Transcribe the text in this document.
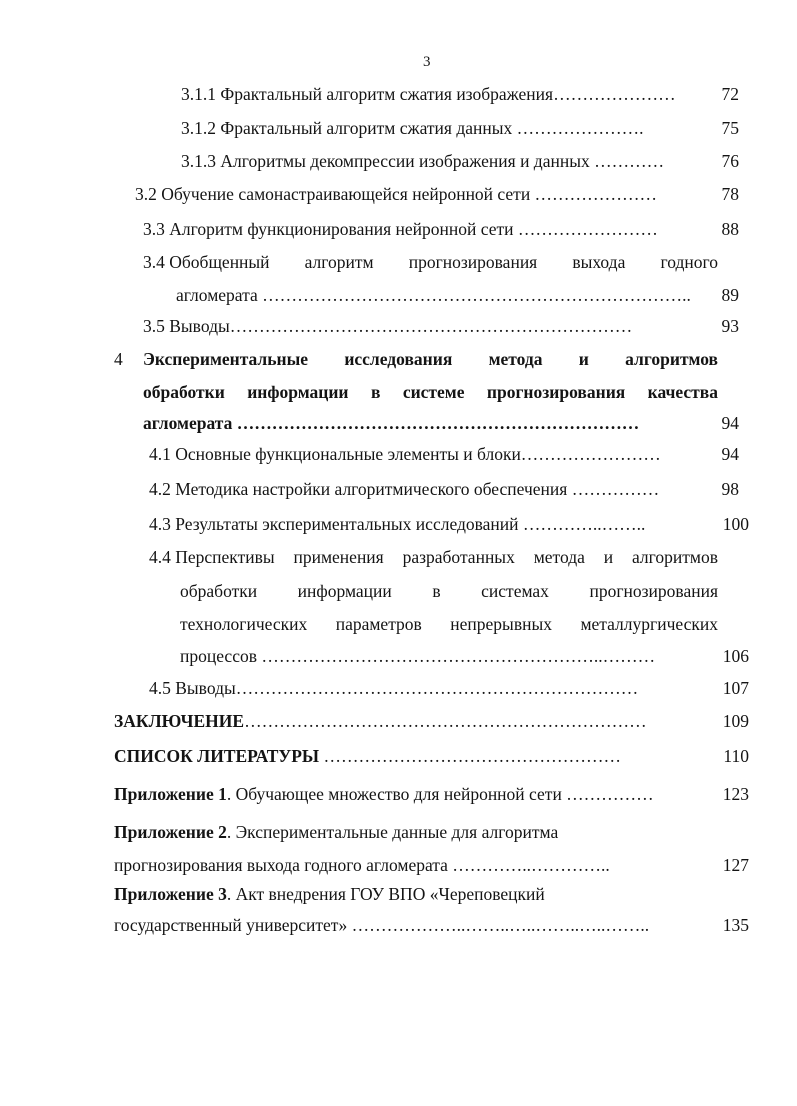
3
3.1.1 Фрактальный алгоритм сжатия изображения…………………	72
3.1.2 Фрактальный алгоритм сжатия данных ………………….	75
3.1.3 Алгоритмы декомпрессии изображения и данных …………	76
3.2 Обучение самонастраивающейся нейронной сети …………………	78
3.3 Алгоритм функционирования нейронной сети ……………………	88
3.4 Обобщенный алгоритм прогнозирования выхода годного
агломерата ……………………………………………………………….. 89
3.5 Выводы……………………………………………………………	93
4 Экспериментальные исследования метода и алгоритмов
обработки информации в системе прогнозирования качества
агломерата ……………………………………………………………	94
4.1 Основные функциональные элементы и блоки……………………	94
4.2 Методика настройки алгоритмического обеспечения ……………	98
4.3 Результаты экспериментальных исследований …………..……..	100
4.4 Перспективы применения разработанных метода и алгоритмов
обработки информации в системах прогнозирования
технологических параметров непрерывных металлургических
процессов …………………………………………………..………	106
4.5 Выводы……………………………………………………………	107
ЗАКЛЮЧЕНИЕ……………………………………………………………	109
СПИСОК ЛИТЕРАТУРЫ ……………………………………………	110
Приложение 1. Обучающее множество для нейронной сети ……………	123
Приложение 2. Экспериментальные данные для алгоритма
прогнозирования выхода годного агломерата …………..…………..	127
Приложение 3. Акт внедрения ГОУ ВПО «Череповецкий
государственный университет» ………………..……..…..……..…..……..	135
